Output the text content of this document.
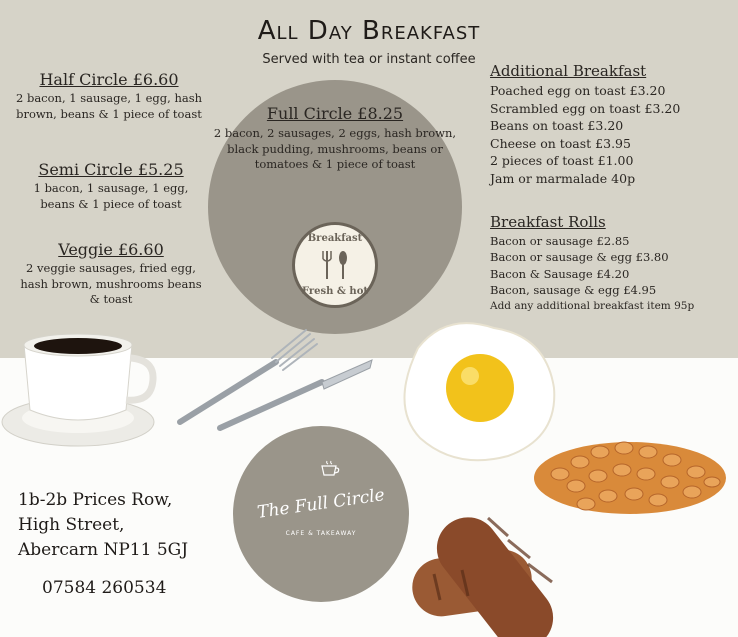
All Day Breakfast
Served with tea or instant coffee
Half Circle £6.60
2 bacon, 1 sausage, 1 egg, hash brown, beans & 1 piece of toast
Semi Circle £5.25
1 bacon, 1 sausage, 1 egg, beans & 1 piece of toast
Veggie £6.60
2 veggie sausages, fried egg, hash brown, mushrooms beans & toast
Full Circle £8.25
2 bacon, 2 sausages, 2 eggs, hash brown, black pudding, mushrooms, beans or tomatoes & 1 piece of toast
Breakfast
Fresh & hot
Additional Breakfast
Poached egg on toast £3.20
Scrambled egg on toast £3.20
Beans on toast £3.20
Cheese on toast £3.95
2 pieces of toast £1.00
Jam or marmalade 40p
Breakfast Rolls
Bacon or sausage £2.85
Bacon or sausage & egg £3.80
Bacon & Sausage £4.20
Bacon, sausage & egg £4.95
Add any additional breakfast item 95p
The Full Circle
CAFE & TAKEAWAY
1b-2b Prices Row,
High Street,
Abercarn NP11 5GJ
07584 260534
